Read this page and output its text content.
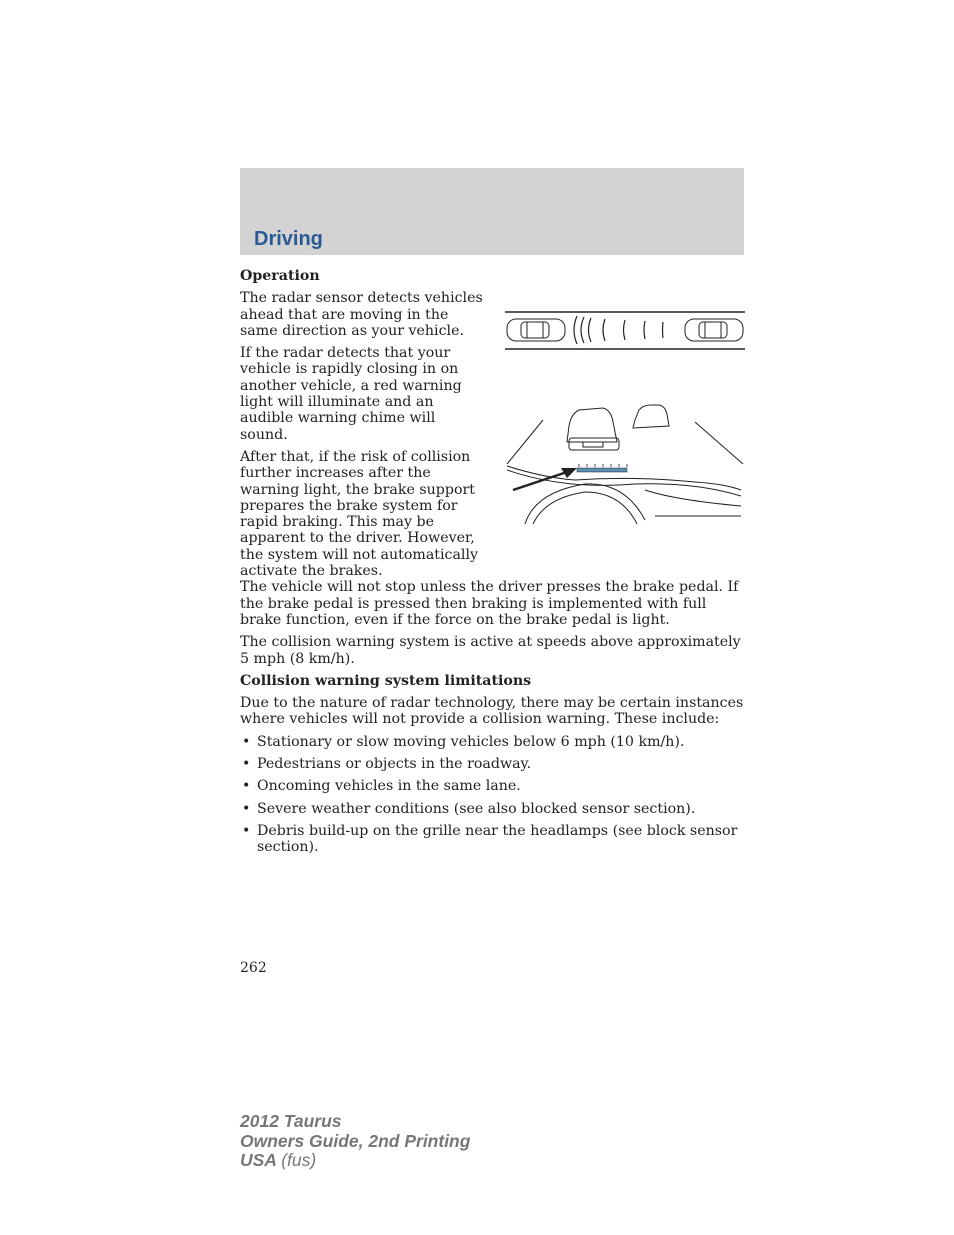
Driving
Operation

The radar sensor detects vehicles ahead that are moving in the same direction as your vehicle.

If the radar detects that your vehicle is rapidly closing in on another vehicle, a red warning light will illuminate and an audible warning chime will sound.

After that, if the risk of collision further increases after the warning light, the brake support prepares the brake system for rapid braking. This may be apparent to the driver. However, the system will not automatically activate the brakes.

The vehicle will not stop unless the driver presses the brake pedal. If the brake pedal is pressed then braking is implemented with full brake function, even if the force on the brake pedal is light.

The collision warning system is active at speeds above approximately 5 mph (8 km/h).

Collision warning system limitations

Due to the nature of radar technology, there may be certain instances where vehicles will not provide a collision warning. These include:

• Stationary or slow moving vehicles below 6 mph (10 km/h).
• Pedestrians or objects in the roadway.
• Oncoming vehicles in the same lane.
• Severe weather conditions (see also blocked sensor section).
• Debris build-up on the grille near the headlamps (see block sensor section).
262
2012 Taurus
Owners Guide, 2nd Printing
USA (fus)
